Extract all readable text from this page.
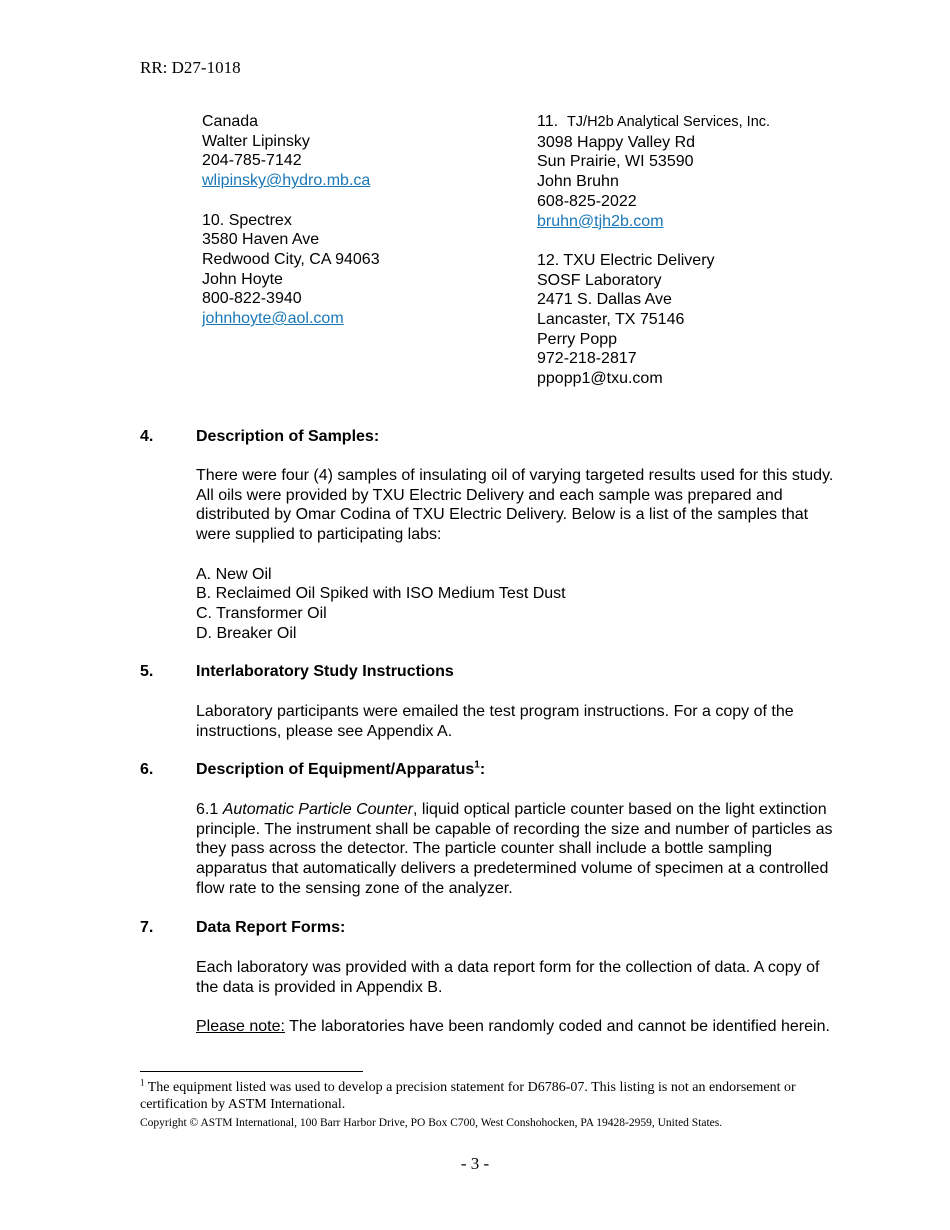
RR: D27-1018
Canada
Walter Lipinsky
204-785-7142
wlipinsky@hydro.mb.ca
10. Spectrex
3580 Haven Ave
Redwood City, CA 94063
John Hoyte
800-822-3940
johnhoyte@aol.com
11. TJ/H2b Analytical Services, Inc.
3098 Happy Valley Rd
Sun Prairie, WI 53590
John Bruhn
608-825-2022
bruhn@tjh2b.com
12. TXU Electric Delivery
SOSF Laboratory
2471 S. Dallas Ave
Lancaster, TX 75146
Perry Popp
972-218-2817
ppopp1@txu.com
4.	Description of Samples:

There were four (4) samples of insulating oil of varying targeted results used for this study. All oils were provided by TXU Electric Delivery and each sample was prepared and distributed by Omar Codina of TXU Electric Delivery. Below is a list of the samples that were supplied to participating labs:

A. New Oil
B. Reclaimed Oil Spiked with ISO Medium Test Dust
C. Transformer Oil
D. Breaker Oil
5.	Interlaboratory Study Instructions

Laboratory participants were emailed the test program instructions. For a copy of the instructions, please see Appendix A.

6.	Description of Equipment/Apparatus$^1$:

6.1 Automatic Particle Counter, liquid optical particle counter based on the light extinction principle. The instrument shall be capable of recording the size and number of particles as they pass across the detector. The particle counter shall include a bottle sampling apparatus that automatically delivers a predetermined volume of specimen at a controlled flow rate to the sensing zone of the analyzer.

7.	Data Report Forms:

Each laboratory was provided with a data report form for the collection of data. A copy of the data is provided in Appendix B.

Please note: The laboratories have been randomly coded and cannot be identified herein.

$^1$ The equipment listed was used to develop a precision statement for D6786-07. This listing is not an endorsement or certification by ASTM International.
Copyright © ASTM International, 100 Barr Harbor Drive, PO Box C700, West Conshohocken, PA 19428-2959, United States.
- 3 -
